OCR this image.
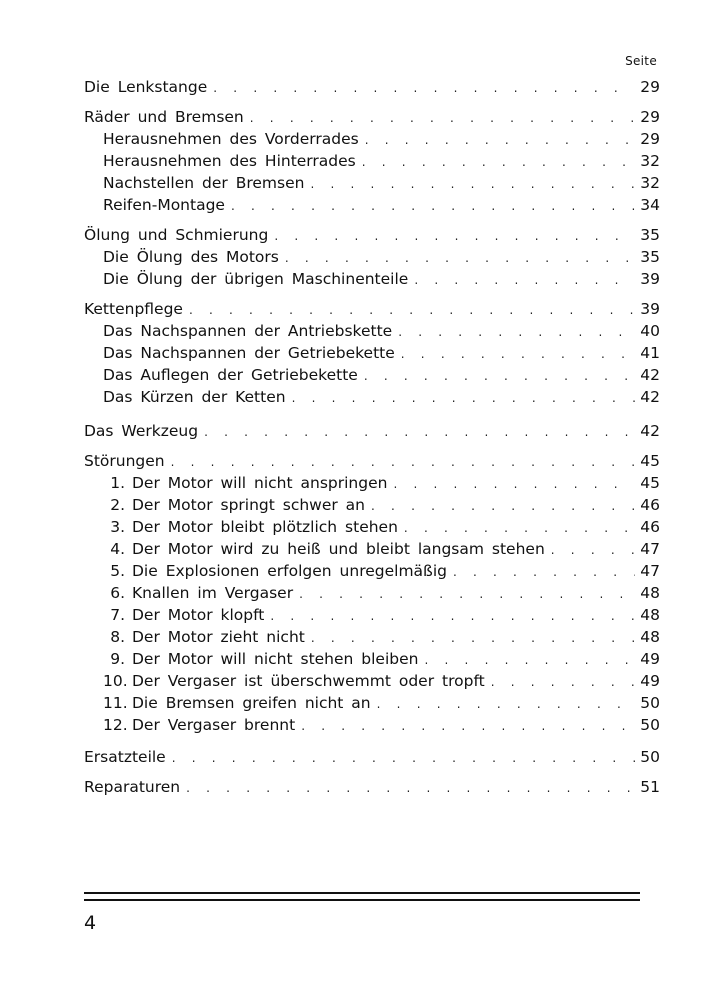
Seite
Die Lenkstange . . .	29
Räder und Bremsen . . .	29
Herausnehmen des Vorderrades . . .	29
Herausnehmen des Hinterrades . . .	32
Nachstellen der Bremsen . . .	32
Reifen-Montage . . .	34
Ölung und Schmierung . . .	35
Die Ölung des Motors . . .	35
Die Ölung der übrigen Maschinenteile . . .	39
Kettenpflege . . .	39
Das Nachspannen der Antriebskette . . .	40
Das Nachspannen der Getriebekette . . .	41
Das Auflegen der Getriebekette . . .	42
Das Kürzen der Ketten . . .	42
Das Werkzeug . . .	42
Störungen . . .	45
1. Der Motor will nicht anspringen . . .	45
2. Der Motor springt schwer an . . .	46
3. Der Motor bleibt plötzlich stehen . . .	46
4. Der Motor wird zu heiß und bleibt langsam stehen . . .	47
5. Die Explosionen erfolgen unregelmäßig . . .	47
6. Knallen im Vergaser . . .	48
7. Der Motor klopft . . .	48
8. Der Motor zieht nicht . . .	48
9. Der Motor will nicht stehen bleiben . . .	49
10. Der Vergaser ist überschwemmt oder tropft . . .	49
11. Die Bremsen greifen nicht an . . .	50
12. Der Vergaser brennt . . .	50
Ersatzteile . . .	50
Reparaturen . . .	51
4
